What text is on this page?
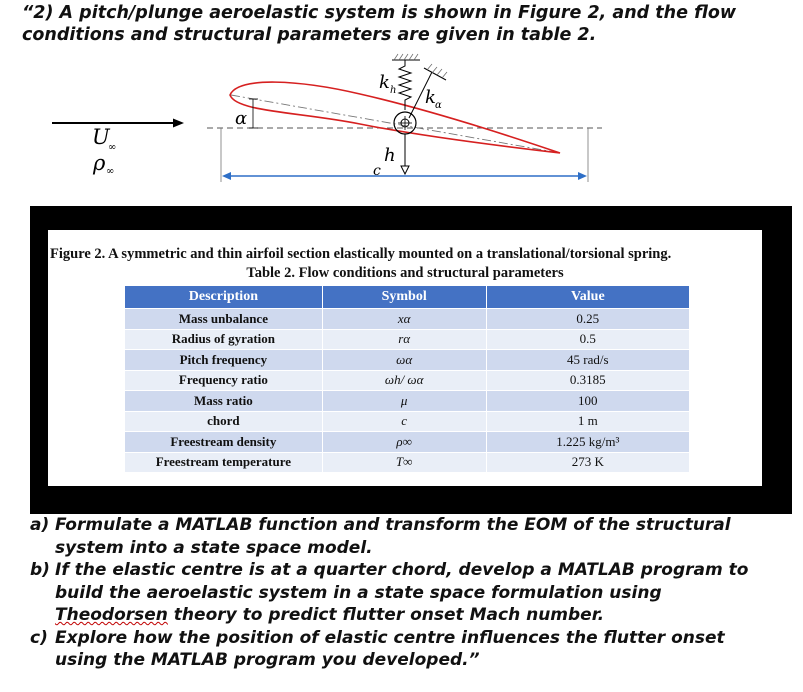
“2) A pitch/plunge aeroelastic system is shown in Figure 2, and the flow
conditions and structural parameters are given in table 2.
U
∞
ρ ∞
α
k h k α
h
c
Figure 2. A symmetric and thin airfoil section elastically mounted on a translational/torsional spring.
Table 2. Flow conditions and structural parameters
Description	Symbol	Value
Mass unbalance	xα	0.25
Radius of gyration	rα	0.5
Pitch frequency	ωα	45 rad/s
Frequency ratio	ωh/ ωα	0.3185
Mass ratio	μ	100
chord	c	1 m
Freestream density	ρ∞	1.225 kg/m³
Freestream temperature	T∞	273 K
a) Formulate a MATLAB function and transform the EOM of the structural
system into a state space model.
b) If the elastic centre is at a quarter chord, develop a MATLAB program to
build the aeroelastic system in a state space formulation using
Theodorsen theory to predict flutter onset Mach number.
c) Explore how the position of elastic centre influences the flutter onset
using the MATLAB program you developed.”
